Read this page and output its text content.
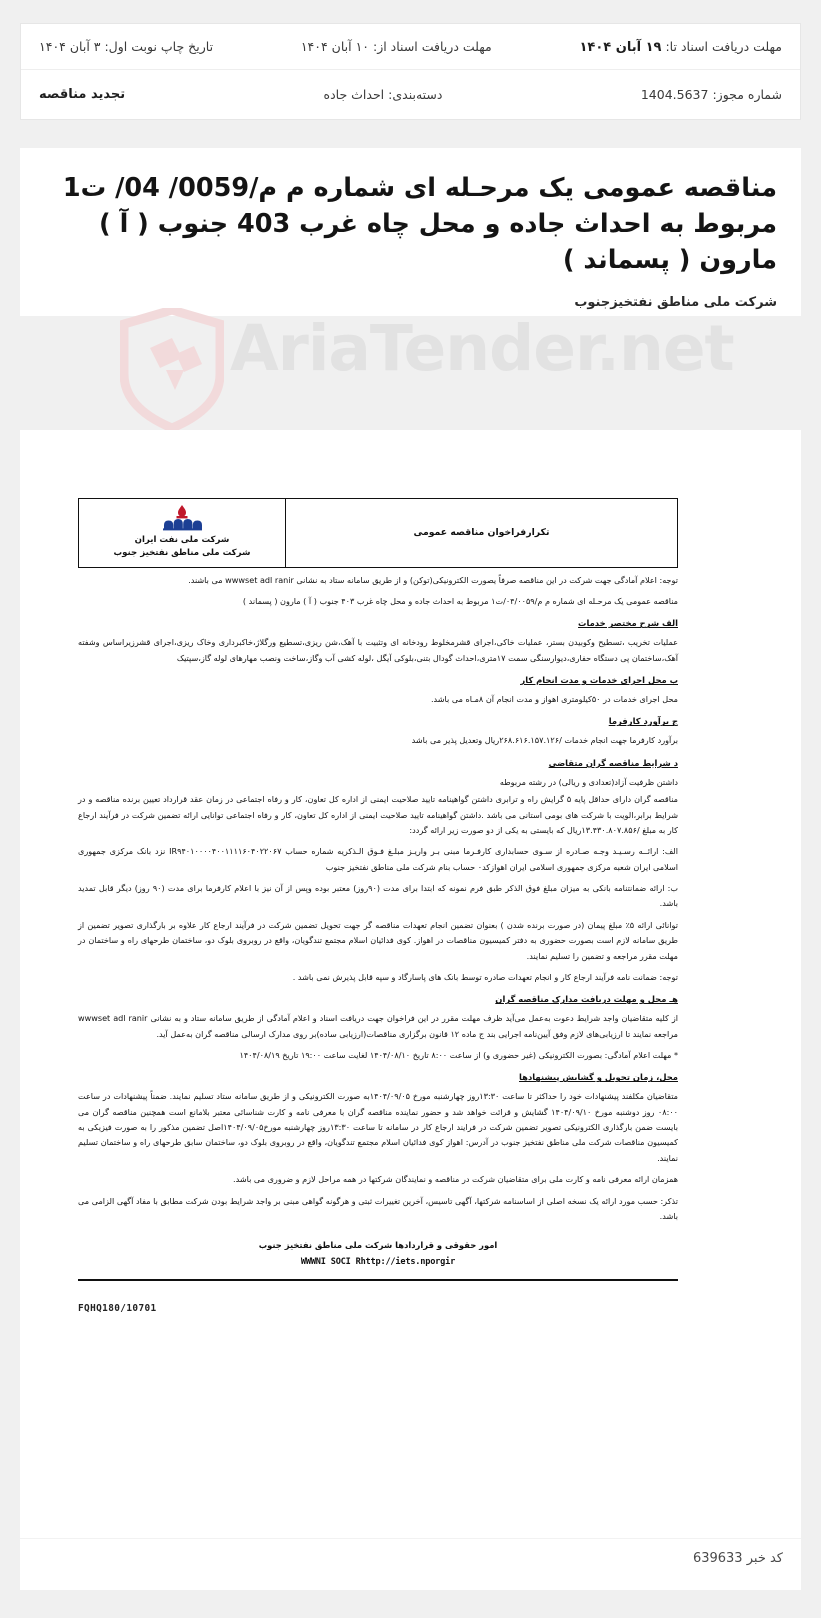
مهلت دریافت اسناد تا: ۱۹ آبان ۱۴۰۴
مهلت دریافت اسناد از: ۱۰ آبان ۱۴۰۴
تاریخ چاپ نوبت اول: ۳ آبان ۱۴۰۴
شماره مجوز: 1404.5637
دسته‌بندی: احداث جاده
تجدید مناقصه
مناقصه عمومی یک مرحـله ای شماره م م/0059/ 04/ ت1 مربوط به احداث جاده و محل چاه غرب 403 جنوب ( آ ) مارون ( پسماند )
شرکت ملی مناطق نفتخیزجنوب
AriaTender.net
تکرارفراخوان مناقصه عمومی

شرکت ملی نفت ایران
شرکت ملی مناطق نفتخیز جنوب

توجه: اعلام آمادگی جهت شرکت در این مناقصه صرفاً یصورت الکترونیکی(توکن) و از طریق سامانه ستاد به نشانی wwwset adl ranir می باشند.

مناقصه عمومی یک مرحـله ای شماره م م/۰۴/۰۰۵۹/ت۱ مربوط به احداث جاده و محل چاه غرب ۴۰۳ جنوب ( آ ) مارون ( پسماند )

الف شرح مختصر خدمات

عملیات تخریب ،تسطیح وکوبیدن بستر، عملیات خاکی،اجرای قشرمخلوط رودخانه ای وتثبیت با آهک،شن ریزی،تسطیع ورگلاژ،خاکبرداری وخاک ریزی،اجرای قشرزیراساس وشفته آهک،ساختمان پی دستگاه حفاری،دیوارسنگی سمت ۱۷متری،احداث گودال بتنی،بلوکی آیگل ،لوله کشی آب وگاز،ساخت ونصب مهارهای لوله گاز،سپتیک

ب محل اجرای خدمات و مدت انجام کار

محل اجرای خدمات در ۵۰کیلومتری اهواز و مدت انجام آن ۸مـاه می باشد.

ج برآورد کارفرما

برآورد کارفرما جهت انجام خدمات /۲۶۸.۶۱۶.۱۵۷.۱۲۶ریال وتعدیل پذیر می باشد

د شرایط مناقصه گران متقاضی

داشتن ظرفیت آزاد(تعدادی و ریالی) در رشته مربوطه

مناقصه گران دارای حداقل پایه ۵ گرایش راه و ترابری داشتن گواهینامه تایید صلاحیت ایمنی از اداره کل تعاون، کار و رفاه اجتماعی در زمان عقد قرارداد تعیین برنده مناقصه و در شرایط برابر،الویت با شرکت های بومی استانی می باشد .داشتن گواهینامه تایید صلاحیت ایمنی از اداره کل تعاون، کار و رفاه اجتماعی توانایی ارائه تضمین شرکت در فرآیند ارجاع کار به مبلغ /۱۳.۴۳۰.۸۰۷.۸۵۶ریال که بایستی به یکی از دو صورت زیر ارائه گردد:

الف: ارائــه رسـیـد وجـه صـادره از سـوی حسابداری کارفـرما مبنی بـر واریـز مبلـغ فـوق الـذکریه شماره حساب IR۹۴۰۱۰۰۰۰۴۰۰۱۱۱۱۶۰۴۰۲۲۰۶۷ نزد بانک مرکزی جمهوری اسلامی ایران شعبه مرکزی جمهوری اسلامی ایران اهوازکد۰ حساب بنام شرکت ملی مناطق نفتخیز جنوب

ب: ارائه ضمانتنامه بانکی به میزان مبلغ فوق الذکر طبق فرم نمونه که ابتدا برای مدت (۹۰روز) معتبر بوده وپس از آن نیز با اعلام کارفرما برای مدت (۹۰ روز) دیگر قابل تمدید باشد.

توانائی ارائه ۵٪ مبلغ پیمان (در صورت برنده شدن ) بعنوان تضمین انجام تعهدات مناقصه گر جهت تحویل تضمین شرکت در فرآیند ارجاع کار علاوه بر بارگذاری تصویر تضمین از طریق سامانه لازم است بصورت حضوری به دفتر کمیسیون مناقصات در اهواز. کوی فدائیان اسلام مجتمع تندگویان، واقع در روبروی بلوک دو، ساختمان طرحهای راه و ساختمان در مهلت مقرر مراجعه و تضمین را تسلیم نمایند.

توجه: ضمانت نامه فرآیند ارجاع کار و انجام تعهدات صادره توسط بانک های پاسارگاد و سپه قابل پذیرش نمی باشد .

هـ محل و مهلت دریافت مدارک مناقصه گران

از کلیه متقاضیان واجد شرایط دعوت به‌عمل می‌آید ظرف مهلت مقرر در این فراخوان جهت دریافت اسناد و اعلام آمادگی از طریق سامانه ستاد و به نشانی wwwset adl ranir مراجعه نمایند تا ارزیابی‌های لازم وفق آیین‌نامه اجرایی بند ج ماده ۱۲ قانون برگزاری مناقصات(ارزیابی ساده)بر روی مدارک ارسالی مناقصه گران به‌عمل آید.

* مهلت اعلام آمادگی: بصورت الکترونیکی (غیر حضوری و) از ساعت ۸:۰۰ تاریخ ۱۴۰۴/۰۸/۱۰ لغایت ساعت ۱۹:۰۰ تاریخ ۱۴۰۴/۰۸/۱۹

محل، زمان تحویل و گشایش پیشنهادها

متقاضیان مکلفند پیشنهادات خود را حداکثر تا ساعت ۱۳:۳۰روز چهارشنبه مورخ ۱۴۰۴/۰۹/۰۵به صورت الکترونیکی و از طریق سامانه ستاد تسلیم نمایند. ضمناً پیشنهادات در ساعت ۰۸:۰۰ روز دوشنبه مورخ ۱۴۰۴/۰۹/۱۰ گشایش و قرائت خواهد شد و حضور نماینده مناقصه گران با معرفی نامه و کارت شناسائی معتبر بلامانع است همچنین مناقصه گران می بایست ضمن بارگذاری الکترونیکی تصویر تضمین شرکت در فرایند ارجاع کار در سامانه تا ساعت ۱۳:۳۰روز چهارشنبه مورخ۱۴۰۴/۰۹/۰۵اصل تضمین مذکور را به صورت فیزیکی به کمیسیون مناقصات شرکت ملی مناطق نفتخیز جنوب در آدرس: اهواز کوی فدائیان اسلام مجتمع تندگویان، واقع در روبروی بلوک دو، ساختمان سابق طرحهای راه و ساختمان تسلیم نمایند.

همزمان ارائه معرفی نامه و کارت ملی برای متقاضیان شرکت در مناقصه و نمایندگان شرکتها در همه مراحل لازم و ضروری می باشد.

تذکر: حسب مورد ارائه یک نسخه اصلی از اساسنامه شرکتها، آگهی تاسیس، آخرین تغییرات ثبتی و هرگونه گواهی مبنی بر واجد شرایط بودن شرکت مطابق با مفاد آگهی الزامی می باشد.

امور حقوقی و قراردادها شرکت ملی مناطق نفتخیز جنوب
WWWNI SOCI Rhttp://iets.nporgir
FQHQ180/10701
کد خبر 639633
